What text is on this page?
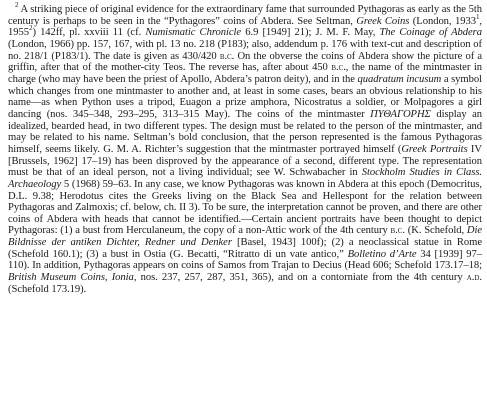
$^2$ A striking piece of original evidence for the extraordinary fame that surrounded Pythagoras as early as the 5th century is perhaps to be seen in the “Pythagores” coins of Abdera. See Seltman, Greek Coins (London, 1933$^1$, 1955$^2$) 142ff, pl. xxviii 11 (cf. Numismatic Chronicle 6.9 [1949] 21); J. M. F. May, The Coinage of Abdera (London, 1966) pp. 157, 167, with pl. 13 no. 218 (P183); also, addendum p. 176 with text-cut and description of no. 218/1 (P183/1). The date is given as 430/420 b.c. On the obverse the coins of Abdera show the picture of a griffin, after that of the mother-city Teos. The reverse has, after about 450 b.c., the name of the mintmaster in charge (who may have been the priest of Apollo, Abdera’s patron deity), and in the quadratum incusum a symbol which changes from one mintmaster to another and, at least in some cases, bears an obvious relationship to his name—as when Python uses a tripod, Euagon a prize amphora, Nicostratus a soldier, or Molpagores a girl dancing (nos. 345–348, 293–295, 313–315 May). The coins of the mintmaster ΠΥΘΑΓΟΡΗΣ display an idealized, bearded head, in two different types. The design must be related to the person of the mintmaster, and may be related to his name. Seltman’s bold conclusion, that the person represented is the famous Pythagoras himself, seems likely. G. M. A. Richter’s suggestion that the mintmaster portrayed himself (Greek Portraits IV [Brussels, 1962] 17–19) has been disproved by the appearance of a second, different type. The representation must be that of an ideal person, not a living individual; see W. Schwabacher in Stockholm Studies in Class. Archaeology 5 (1968) 59–63. In any case, we know Pythagoras was known in Abdera at this epoch (Democritus, D.L. 9.38; Herodotus cites the Greeks living on the Black Sea and Hellespont for the relation between Pythagoras and Zalmoxis; cf. below, ch. II 3). To be sure, the interpretation cannot be proven, and there are other coins of Abdera with heads that cannot be identified.—Certain ancient portraits have been thought to depict Pythagoras: (1) a bust from Herculaneum, the copy of a non-Attic work of the 4th century b.c. (K. Schefold, Die Bildnisse der antiken Dichter, Redner und Denker [Basel, 1943] 100f); (2) a neoclassical statue in Rome (Schefold 160.1); (3) a bust in Ostia (G. Becatti, “Ritratto di un vate antico,” Bolletino d’Arte 34 [1939] 97–110). In addition, Pythagoras appears on coins of Samos from Trajan to Decius (Head 606; Schefold 173.17–18; British Museum Coins, Ionia, nos. 237, 257, 287, 351, 365), and on a contorniate from the 4th century a.d. (Schefold 173.19).
